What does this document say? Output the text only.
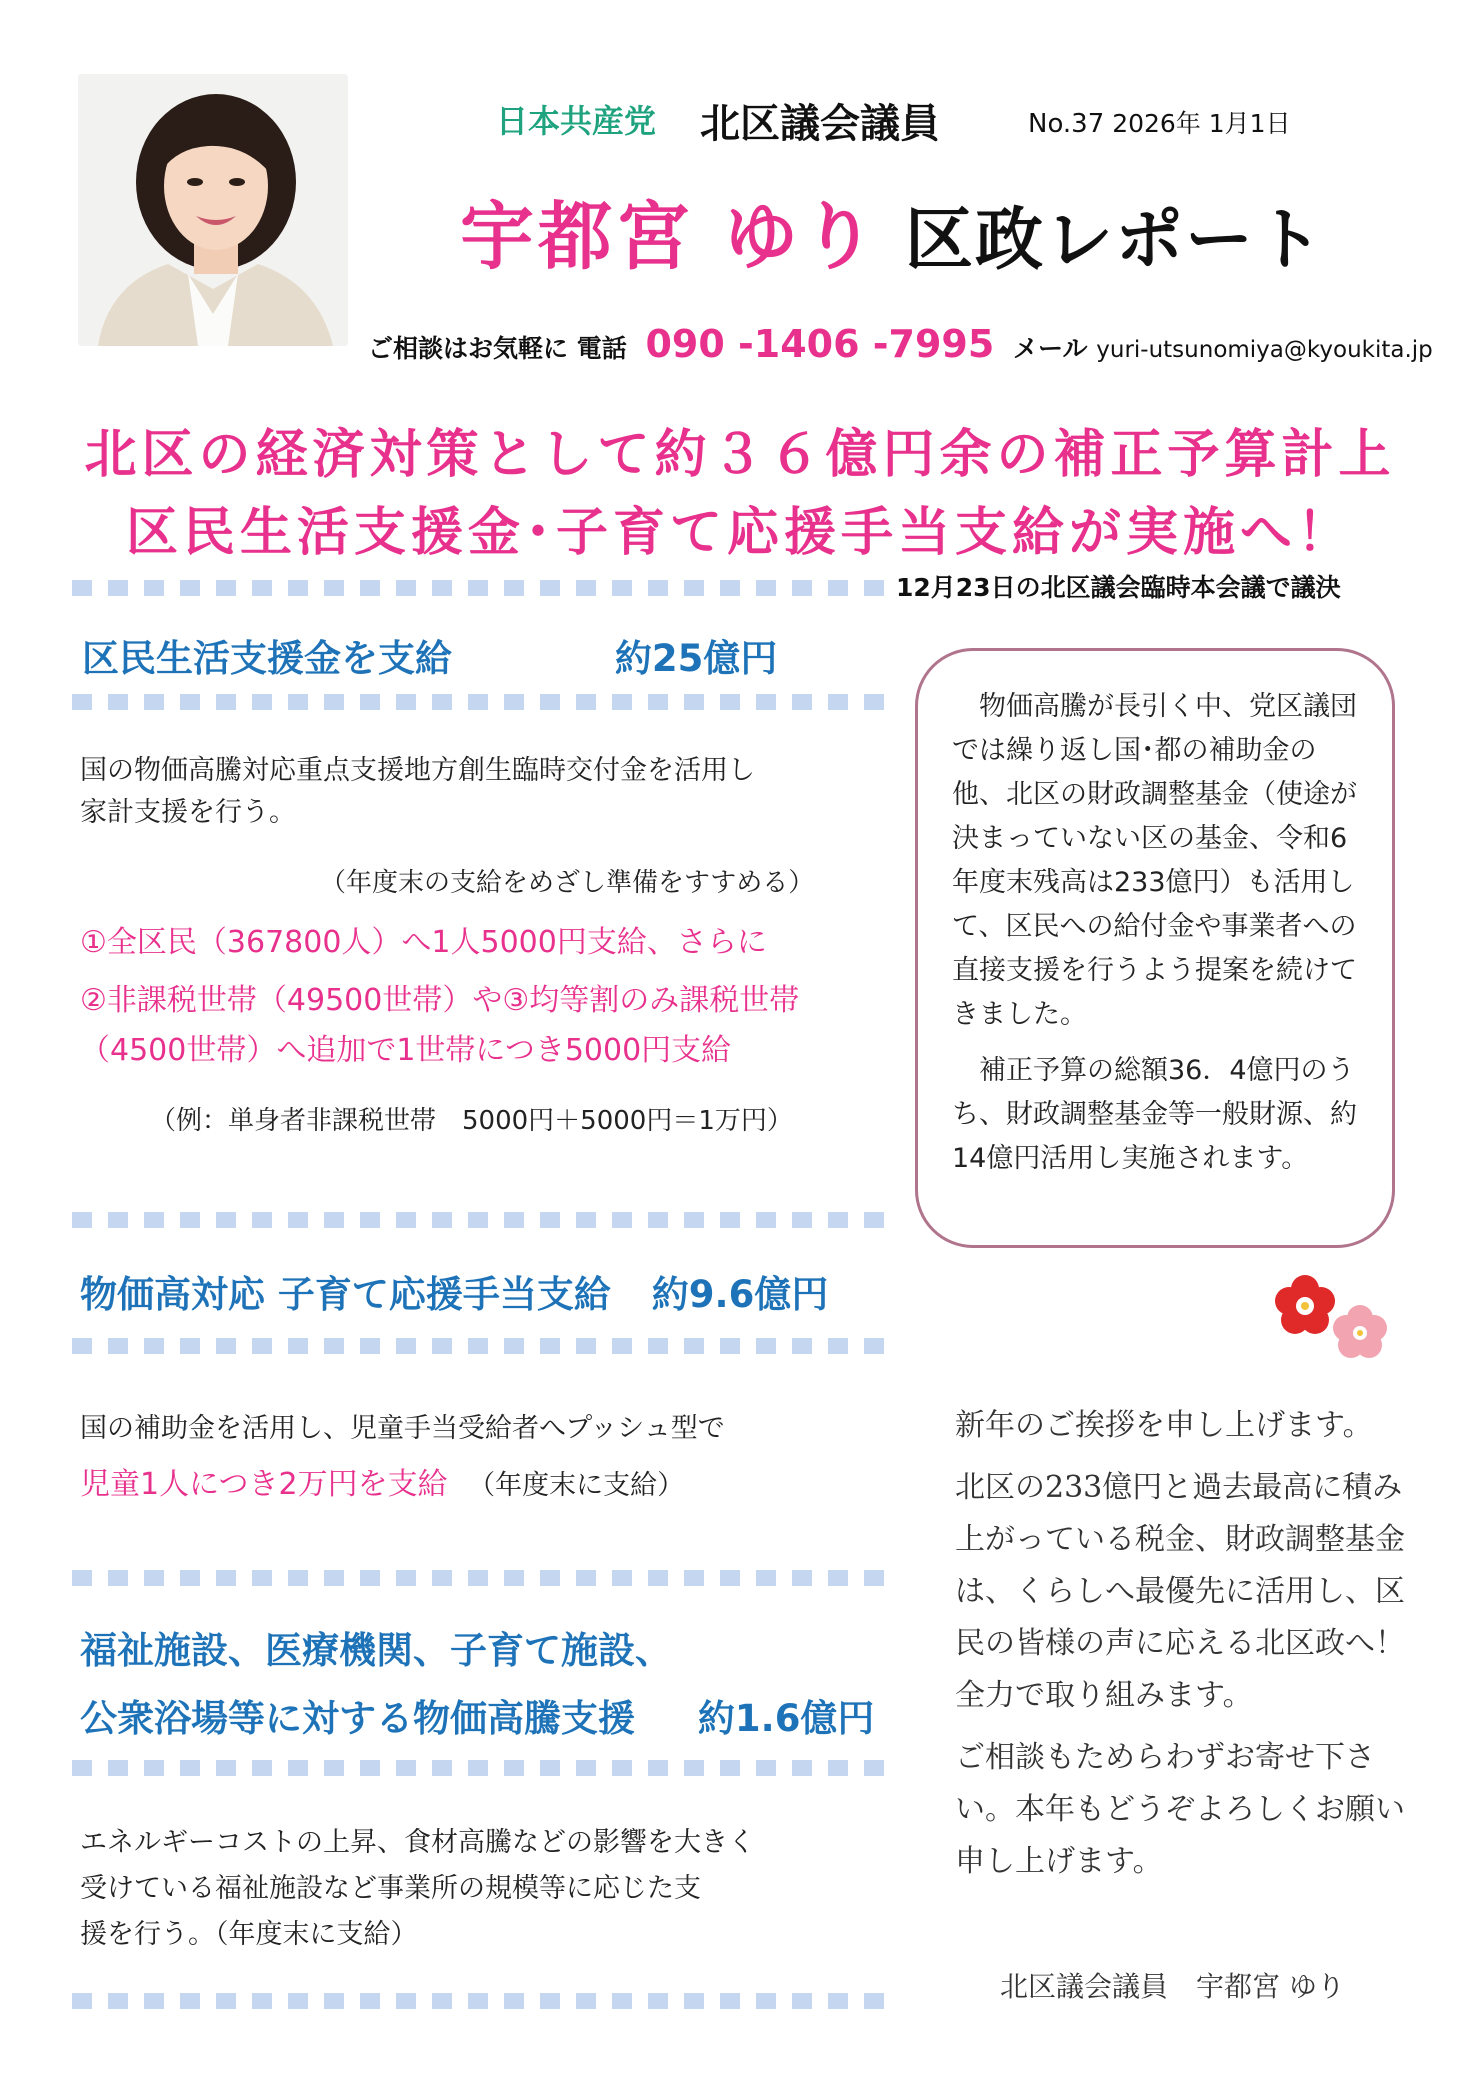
日本共産党 北区議会議員	No.37 2026年 1月1日
宇都宮 ゆり 区政レポート
ご相談はお気軽に 電話 090 -1406 -7995 メール yuri-utsunomiya@kyoukita.jp
北区の経済対策として約３６億円余の補正予算計上
区民生活支援金･子育て応援手当支給が実施へ！
12月23日の北区議会臨時本会議で議決
区民生活支援金を支給	約25億円
国の物価高騰対応重点支援地方創生臨時交付金を活用し
家計支援を行う。
（年度末の支給をめざし準備をすすめる）
①全区民（367800人）へ1人5000円支給、さらに
②非課税世帯（49500世帯）や③均等割のみ課税世帯
（4500世帯）へ追加で1世帯につき5000円支給
（例：単身者非課税世帯　5000円＋5000円＝1万円）
物価高対応 子育て応援手当支給 約9.6億円
国の補助金を活用し、児童手当受給者へプッシュ型で
児童1人につき2万円を支給 （年度末に支給）
福祉施設、医療機関、子育て施設、
公衆浴場等に対する物価高騰支援 約1.6億円
エネルギーコストの上昇、食材高騰などの影響を大きく
受けている福祉施設など事業所の規模等に応じた支
援を行う。（年度末に支給）

物価高騰が長引く中、党区議団では繰り返し国･都の補助金の他、北区の財政調整基金（使途が決まっていない区の基金、令和6年度末残高は233億円）も活用して、区民への給付金や事業者への直接支援を行うよう提案を続けてきました。

補正予算の総額36．4億円のうち、財政調整基金等一般財源、約14億円活用し実施されます。

新年のご挨拶を申し上げます。

北区の233億円と過去最高に積み上がっている税金、財政調整基金は、くらしへ最優先に活用し、区民の皆様の声に応える北区政へ！全力で取り組みます。

ご相談もためらわずお寄せ下さい。本年もどうぞよろしくお願い申し上げます。

北区議会議員　宇都宮 ゆり
